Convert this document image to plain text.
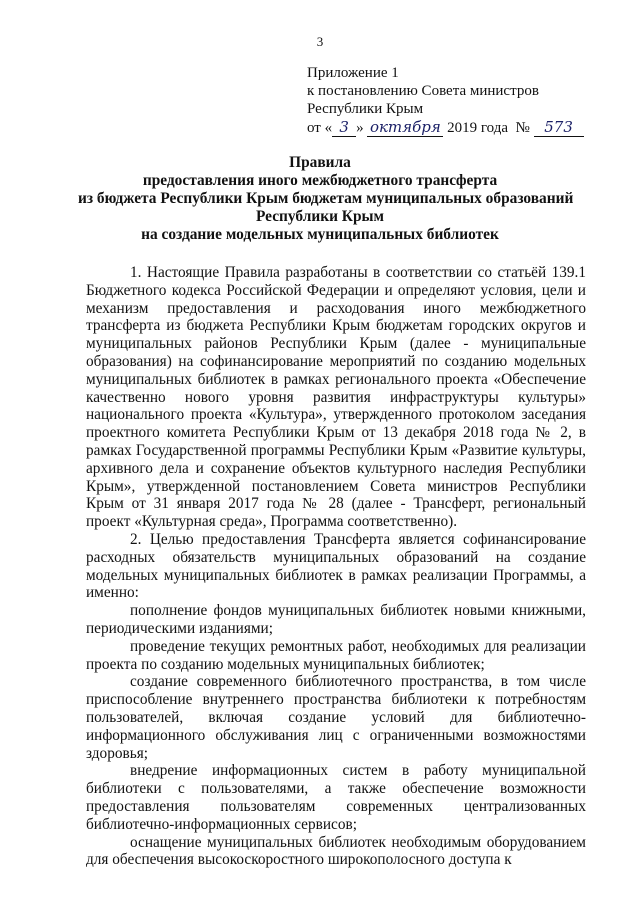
3
Приложение 1
к постановлению Совета министров
Республики Крым
от « 3 » октября 2019 года № 573
Правила
предоставления иного межбюджетного трансферта
из бюджета Республики Крым бюджетам муниципальных образований
Республики Крым
на создание модельных муниципальных библиотек

1. Настоящие Правила разработаны в соответствии со статьёй 139.1 Бюджетного кодекса Российской Федерации и определяют условия, цели и механизм предоставления и расходования иного межбюджетного трансферта из бюджета Республики Крым бюджетам городских округов и муниципальных районов Республики Крым (далее - муниципальные образования) на софинансирование мероприятий по созданию модельных муниципальных библиотек в рамках регионального проекта «Обеспечение качественно нового уровня развития инфраструктуры культуры» национального проекта «Культура», утвержденного протоколом заседания проектного комитета Республики Крым от 13 декабря 2018 года № 2, в рамках Государственной программы Республики Крым «Развитие культуры, архивного дела и сохранение объектов культурного наследия Республики Крым», утвержденной постановлением Совета министров Республики Крым от 31 января 2017 года № 28 (далее - Трансферт, региональный проект «Культурная среда», Программа соответственно).

2. Целью предоставления Трансферта является софинансирование расходных обязательств муниципальных образований на создание модельных муниципальных библиотек в рамках реализации Программы, а именно:

пополнение фондов муниципальных библиотек новыми книжными, периодическими изданиями;

проведение текущих ремонтных работ, необходимых для реализации проекта по созданию модельных муниципальных библиотек;

создание современного библиотечного пространства, в том числе приспособление внутреннего пространства библиотеки к потребностям пользователей, включая создание условий для библиотечно-информационного обслуживания лиц с ограниченными возможностями здоровья;

внедрение информационных систем в работу муниципальной библиотеки с пользователями, а также обеспечение возможности предоставления пользователям современных централизованных библиотечно-информационных сервисов;

оснащение муниципальных библиотек необходимым оборудованием для обеспечения высокоскоростного широкополосного доступа к
